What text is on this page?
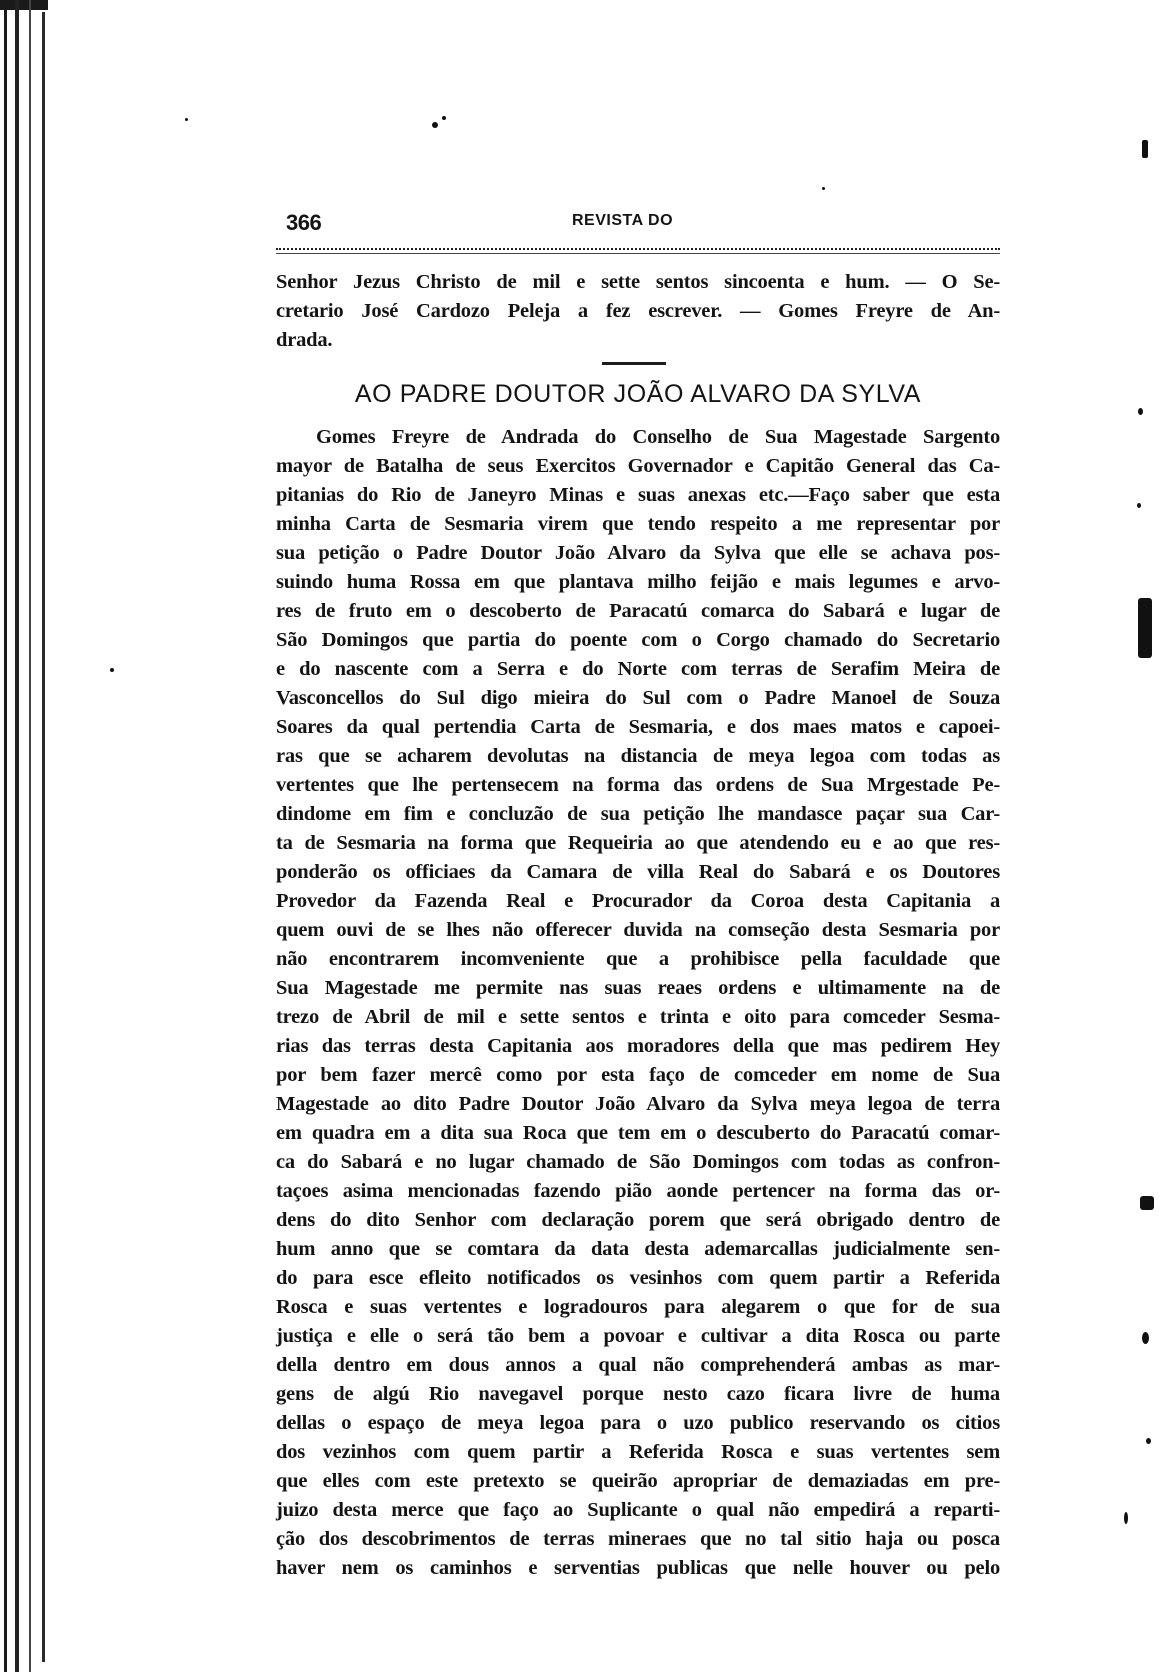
366	REVISTA DO
Senhor Jezus Christo de mil e sette sentos sincoenta e hum. — O Se-
cretario José Cardozo Peleja a fez escrever. — Gomes Freyre de An-
drada.
AO PADRE DOUTOR JOÃO ALVARO DA SYLVA
Gomes Freyre de Andrada do Conselho de Sua Magestade Sargento
mayor de Batalha de seus Exercitos Governador e Capitão General das Ca-
pitanias do Rio de Janeyro Minas e suas anexas etc.—Faço saber que esta
minha Carta de Sesmaria virem que tendo respeito a me representar por
sua petição o Padre Doutor João Alvaro da Sylva que elle se achava pos-
suindo huma Rossa em que plantava milho feijão e mais legumes e arvo-
res de fruto em o descoberto de Paracatú comarca do Sabará e lugar de
São Domingos que partia do poente com o Corgo chamado do Secretario
e do nascente com a Serra e do Norte com terras de Serafim Meira de
Vasconcellos do Sul digo mieira do Sul com o Padre Manoel de Souza
Soares da qual pertendia Carta de Sesmaria, e dos maes matos e capoei-
ras que se acharem devolutas na distancia de meya legoa com todas as
vertentes que lhe pertensecem na forma das ordens de Sua Mrgestade Pe-
dindome em fim e concluzão de sua petição lhe mandasce paçar sua Car-
ta de Sesmaria na forma que Requeiria ao que atendendo eu e ao que res-
ponderão os officiaes da Camara de villa Real do Sabará e os Doutores
Provedor da Fazenda Real e Procurador da Coroa desta Capitania a
quem ouvi de se lhes não offerecer duvida na comseção desta Sesmaria por
não encontrarem incomveniente que a prohibisce pella faculdade que
Sua Magestade me permite nas suas reaes ordens e ultimamente na de
trezo de Abril de mil e sette sentos e trinta e oito para comceder Sesma-
rias das terras desta Capitania aos moradores della que mas pedirem Hey
por bem fazer mercê como por esta faço de comceder em nome de Sua
Magestade ao dito Padre Doutor João Alvaro da Sylva meya legoa de terra
em quadra em a dita sua Roca que tem em o descuberto do Paracatú comar-
ca do Sabará e no lugar chamado de São Domingos com todas as confron-
taçoes asima mencionadas fazendo pião aonde pertencer na forma das or-
dens do dito Senhor com declaração porem que será obrigado dentro de
hum anno que se comtara da data desta ademarcallas judicialmente sen-
do para esce efleito notificados os vesinhos com quem partir a Referida
Rosca e suas vertentes e logradouros para alegarem o que for de sua
justiça e elle o será tão bem a povoar e cultivar a dita Rosca ou parte
della dentro em dous annos a qual não comprehenderá ambas as mar-
gens de algú Rio navegavel porque nesto cazo ficara livre de huma
dellas o espaço de meya legoa para o uzo publico reservando os citios
dos vezinhos com quem partir a Referida Rosca e suas vertentes sem
que elles com este pretexto se queirão apropriar de demaziadas em pre-
juizo desta merce que faço ao Suplicante o qual não empedirá a reparti-
ção dos descobrimentos de terras mineraes que no tal sitio haja ou posca
haver nem os caminhos e serventias publicas que nelle houver ou pelo
